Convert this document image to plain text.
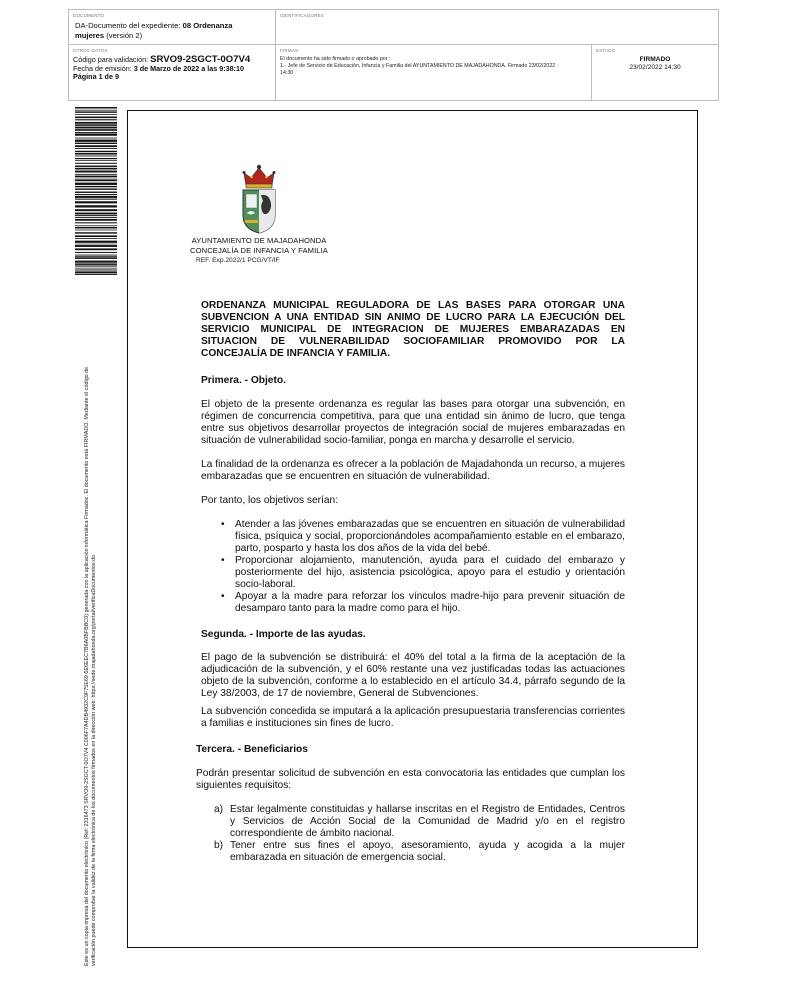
DOCUMENTO
DA-Documento del expediente: 08 Ordenanza
mujeres (versión 2)
IDENTIFICADORES
OTROS DATOS
Código para validación: SRVO9-2SGCT-0O7V4
Fecha de emisión: 3 de Marzo de 2022 a las 9:38:10
Página 1 de 9
FIRMAS
El documento ha sido firmado o aprobado por :
1.- Jefe de Servicio de Educación, Infancia y Familia del AYUNTAMIENTO DE MAJADAHONDA. Firmado 23/02/2022
14:30
ESTADO
FIRMADO
23/02/2022 14:30
Este es un copia impresa del documento electrónico (Ref: 2316473 SRVO9-2SGCT-0O7V4 C006F7A4DB4932C9F75E69 6E6EEC7B6A0BFBBC0) generada con la aplicación informática Firmadoc. El documento está FIRMADO. Mediante el código de verificación puede comprobar la validez de la firma electrónica de los documentos firmados en la dirección web: https://sede.majadahonda.org/portal/verificaDocumentos.do
AYUNTAMIENTO DE MAJADAHONDA
CONCEJALÍA DE INFANCIA Y FAMILIA
REF. Exp.2022/1 PCG/VT/IF

ORDENANZA MUNICIPAL REGULADORA DE LAS BASES PARA OTORGAR UNA SUBVENCION A UNA ENTIDAD SIN ANIMO DE LUCRO PARA LA EJECUCIÓN DEL SERVICIO MUNICIPAL DE INTEGRACION DE MUJERES EMBARAZADAS EN SITUACION DE VULNERABILIDAD SOCIOFAMILIAR PROMOVIDO POR LA CONCEJALÍA DE INFANCIA Y FAMILIA.

Primera. - Objeto.

El objeto de la presente ordenanza es regular las bases para otorgar una subvención, en régimen de concurrencia competitiva, para que una entidad sin ánimo de lucro, que tenga entre sus objetivos desarrollar proyectos de integración social de mujeres embarazadas en situación de vulnerabilidad socio-familiar, ponga en marcha y desarrolle el servicio.

La finalidad de la ordenanza es ofrecer a la población de Majadahonda un recurso, a mujeres embarazadas que se encuentren en situación de vulnerabilidad.

Por tanto, los objetivos serían:

• Atender a las jóvenes embarazadas que se encuentren en situación de vulnerabilidad física, psíquica y social, proporcionándoles acompañamiento estable en el embarazo, parto, posparto y hasta los dos años de la vida del bebé.
• Proporcionar alojamiento, manutención, ayuda para el cuidado del embarazo y posteriormente del hijo, asistencia psicológica, apoyo para el estudio y orientación socio-laboral.
• Apoyar a la madre para reforzar los vínculos madre-hijo para prevenir situación de desamparo tanto para la madre como para el hijo.

Segunda. - Importe de las ayudas.

El pago de la subvención se distribuirá: el 40% del total a la firma de la aceptación de la adjudicación de la subvención, y el 60% restante una vez justificadas todas las actuaciones objeto de la subvención, conforme a lo establecido en el artículo 34.4, párrafo segundo de la Ley 38/2003, de 17 de noviembre, General de Subvenciones.

La subvención concedida se imputará a la aplicación presupuestaria transferencias corrientes a familias e instituciones sin fines de lucro.

Tercera. - Beneficiarios

Podrán presentar solicitud de subvención en esta convocatoria las entidades que cumplan los siguientes requisitos:

a) Estar legalmente constituidas y hallarse inscritas en el Registro de Entidades, Centros y Servicios de Acción Social de la Comunidad de Madrid y/o en el registro correspondiente de ámbito nacional.
b) Tener entre sus fines el apoyo, asesoramiento, ayuda y acogida a la mujer embarazada en situación de emergencia social.
